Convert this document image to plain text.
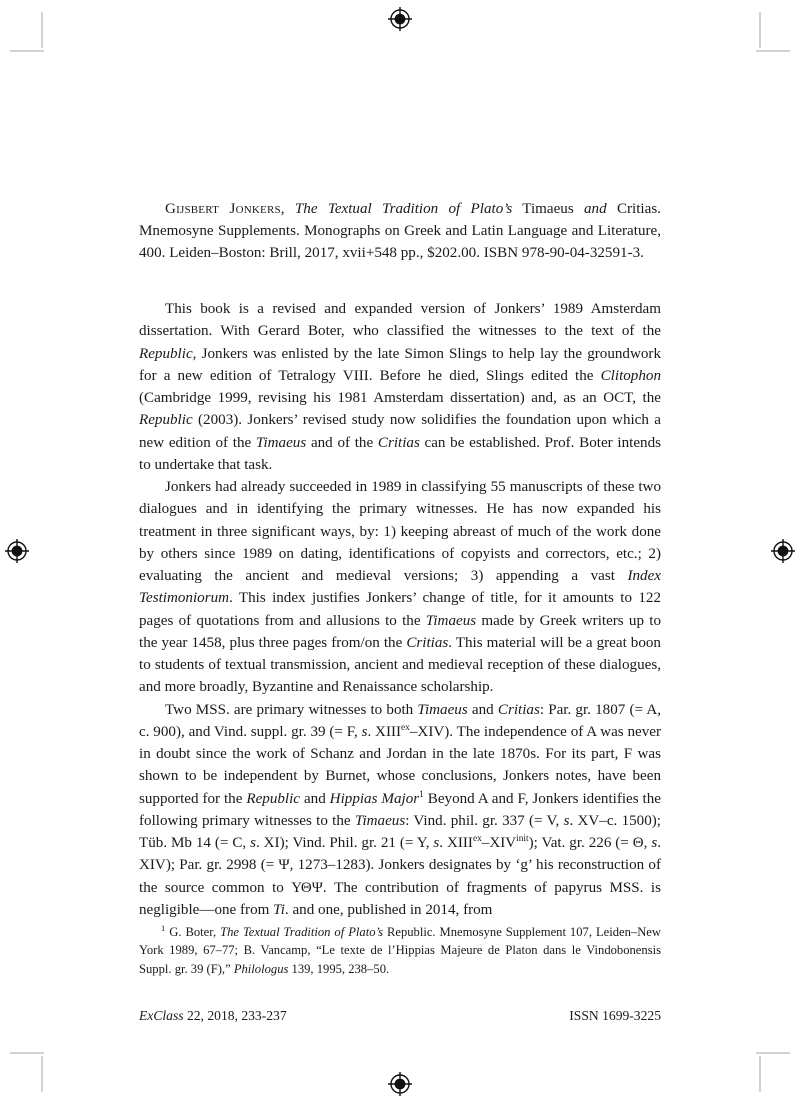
Gijsbert Jonkers, The Textual Tradition of Plato’s Timaeus and Critias. Mnemosyne Supplements. Monographs on Greek and Latin Language and Literature, 400. Leiden–Boston: Brill, 2017, xvii+548 pp., $202.00. ISBN 978-90-04-32591-3.

This book is a revised and expanded version of Jonkers’ 1989 Amsterdam dissertation. With Gerard Boter, who classified the witnesses to the text of the Republic, Jonkers was enlisted by the late Simon Slings to help lay the groundwork for a new edition of Tetralogy VIII. Before he died, Slings edited the Clitophon (Cambridge 1999, revising his 1981 Amsterdam dissertation) and, as an OCT, the Republic (2003). Jonkers’ revised study now solidifies the foundation upon which a new edition of the Timaeus and of the Critias can be established. Prof. Boter intends to undertake that task.

Jonkers had already succeeded in 1989 in classifying 55 manuscripts of these two dialogues and in identifying the primary witnesses. He has now expanded his treatment in three significant ways, by: 1) keeping abreast of much of the work done by others since 1989 on dating, identifications of copyists and correctors, etc.; 2) evaluating the ancient and medieval versions; 3) appending a vast Index Testimoniorum. This index justifies Jonkers’ change of title, for it amounts to 122 pages of quotations from and allusions to the Timaeus made by Greek writers up to the year 1458, plus three pages from/on the Critias. This material will be a great boon to students of textual transmission, ancient and medieval reception of these dialogues, and more broadly, Byzantine and Renaissance scholarship.

Two MSS. are primary witnesses to both Timaeus and Critias: Par. gr. 1807 (= A, c. 900), and Vind. suppl. gr. 39 (= F, s. $XIII^{ex}-XIV$). The independence of A was never in doubt since the work of Schanz and Jordan in the late 1870s. For its part, F was shown to be independent by Burnet, whose conclusions, Jonkers notes, have been supported for the Republic and Hippias Major$^1$ Beyond A and F, Jonkers identifies the following primary witnesses to the Timaeus: Vind. phil. gr. 337 (= V, s. XV–c. 1500); Tüb. Mb 14 (= C, s. XI); Vind. Phil. gr. 21 (= Y, s. $XIII^{ex}-XIV^{init}$); Vat. gr. 226 (= Θ, s. XIV); Par. gr. 2998 (= Ψ, 1273–1283). Jonkers designates by ‘g’ his reconstruction of the source common to ΥΘΨ. The contribution of fragments of papyrus MSS. is negligible—one from Ti. and one, published in 2014, from

$^1$ G. Boter, The Textual Tradition of Plato’s Republic. Mnemosyne Supplement 107, Leiden–New York 1989, 67–77; B. Vancamp, “Le texte de l’Hippias Majeure de Platon dans le Vindobonensis Suppl. gr. 39 (F),” Philologus 139, 1995, 238–50.
ExClass 22, 2018, 233-237	ISSN 1699-3225
